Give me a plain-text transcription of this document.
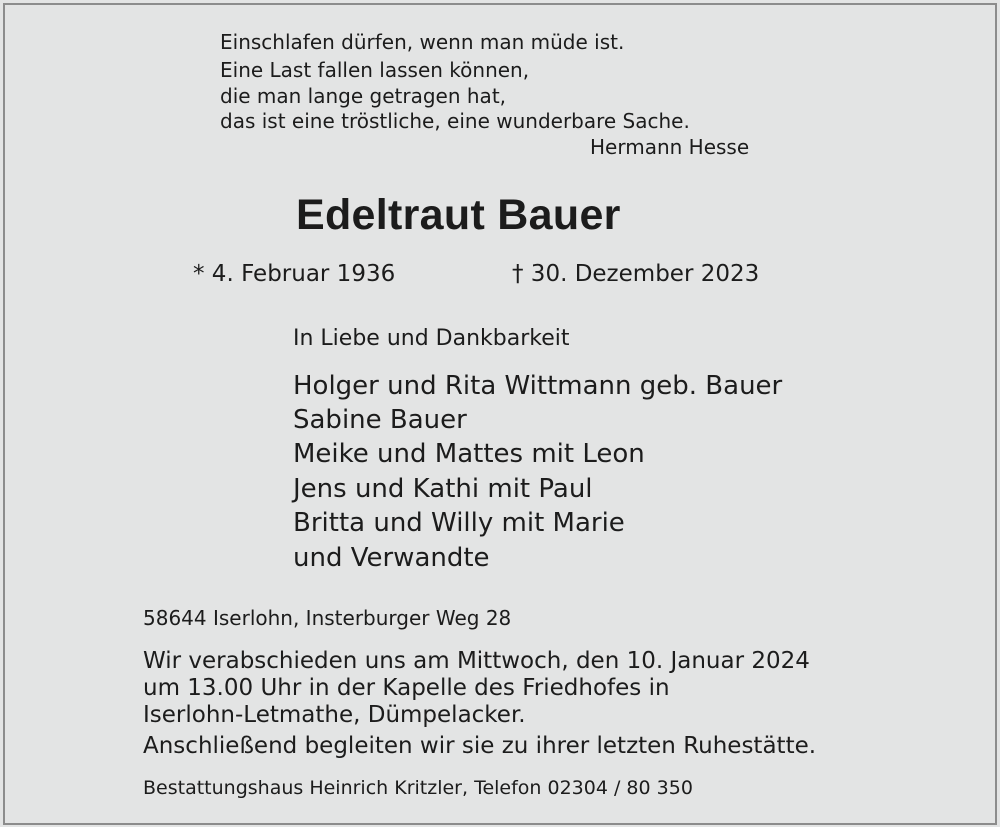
Einschlafen dürfen, wenn man müde ist.

Eine Last fallen lassen können,

die man lange getragen hat,

das ist eine tröstliche, eine wunderbare Sache.

Hermann Hesse

Edeltraut Bauer

* 4. Februar 1936	† 30. Dezember 2023

In Liebe und Dankbarkeit

Holger und Rita Wittmann geb. Bauer

Sabine Bauer

Meike und Mattes mit Leon

Jens und Kathi mit Paul

Britta und Willy mit Marie

und Verwandte

58644 Iserlohn, Insterburger Weg 28

Wir verabschieden uns am Mittwoch, den 10. Januar 2024

um 13.00 Uhr in der Kapelle des Friedhofes in

Iserlohn-Letmathe, Dümpelacker.

Anschließend begleiten wir sie zu ihrer letzten Ruhestätte.

Bestattungshaus Heinrich Kritzler, Telefon 02304 / 80 350
